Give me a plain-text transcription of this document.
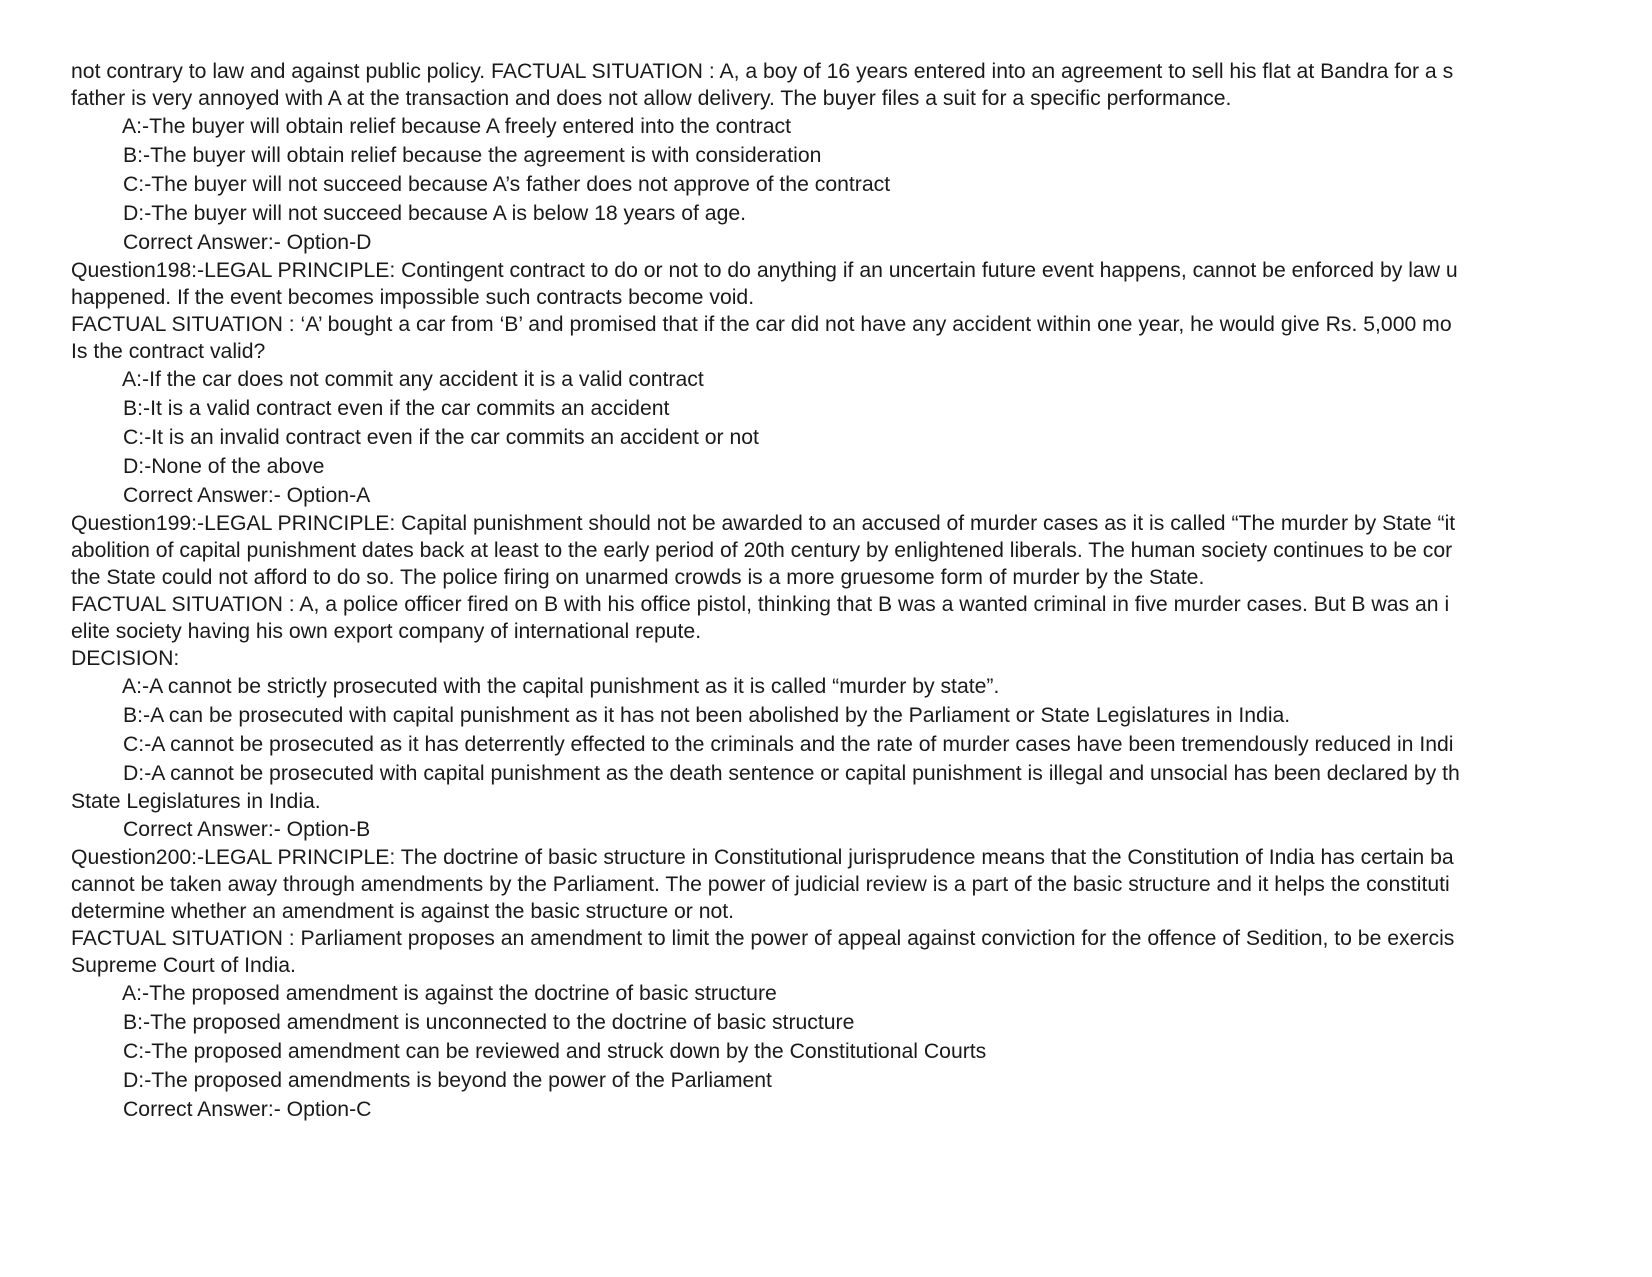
not contrary to law and against public policy. FACTUAL SITUATION : A, a boy of 16 years entered into an agreement to sell his flat at Bandra for a s
father is very annoyed with A at the transaction and does not allow delivery. The buyer files a suit for a specific performance.
A:-The buyer will obtain relief because A freely entered into the contract
B:-The buyer will obtain relief because the agreement is with consideration
C:-The buyer will not succeed because A’s father does not approve of the contract
D:-The buyer will not succeed because A is below 18 years of age.
Correct Answer:- Option-D
Question198:-LEGAL PRINCIPLE: Contingent contract to do or not to do anything if an uncertain future event happens, cannot be enforced by law u
happened. If the event becomes impossible such contracts become void.
FACTUAL SITUATION : ‘A’ bought a car from ‘B’ and promised that if the car did not have any accident within one year, he would give Rs. 5,000 mo
Is the contract valid?
A:-If the car does not commit any accident it is a valid contract
B:-It is a valid contract even if the car commits an accident
C:-It is an invalid contract even if the car commits an accident or not
D:-None of the above
Correct Answer:- Option-A
Question199:-LEGAL PRINCIPLE: Capital punishment should not be awarded to an accused of murder cases as it is called “The murder by State “it
abolition of capital punishment dates back at least to the early period of 20th century by enlightened liberals. The human society continues to be cor
the State could not afford to do so. The police firing on unarmed crowds is a more gruesome form of murder by the State.
FACTUAL SITUATION : A, a police officer fired on B with his office pistol, thinking that B was a wanted criminal in five murder cases. But B was an i
elite society having his own export company of international repute.
DECISION:
A:-A cannot be strictly prosecuted with the capital punishment as it is called “murder by state”.
B:-A can be prosecuted with capital punishment as it has not been abolished by the Parliament or State Legislatures in India.
C:-A cannot be prosecuted as it has deterrently effected to the criminals and the rate of murder cases have been tremendously reduced in Indi
D:-A cannot be prosecuted with capital punishment as the death sentence or capital punishment is illegal and unsocial has been declared by th
State Legislatures in India.
Correct Answer:- Option-B
Question200:-LEGAL PRINCIPLE: The doctrine of basic structure in Constitutional jurisprudence means that the Constitution of India has certain ba
cannot be taken away through amendments by the Parliament. The power of judicial review is a part of the basic structure and it helps the constituti
determine whether an amendment is against the basic structure or not.
FACTUAL SITUATION : Parliament proposes an amendment to limit the power of appeal against conviction for the offence of Sedition, to be exercis
Supreme Court of India.
A:-The proposed amendment is against the doctrine of basic structure
B:-The proposed amendment is unconnected to the doctrine of basic structure
C:-The proposed amendment can be reviewed and struck down by the Constitutional Courts
D:-The proposed amendments is beyond the power of the Parliament
Correct Answer:- Option-C
